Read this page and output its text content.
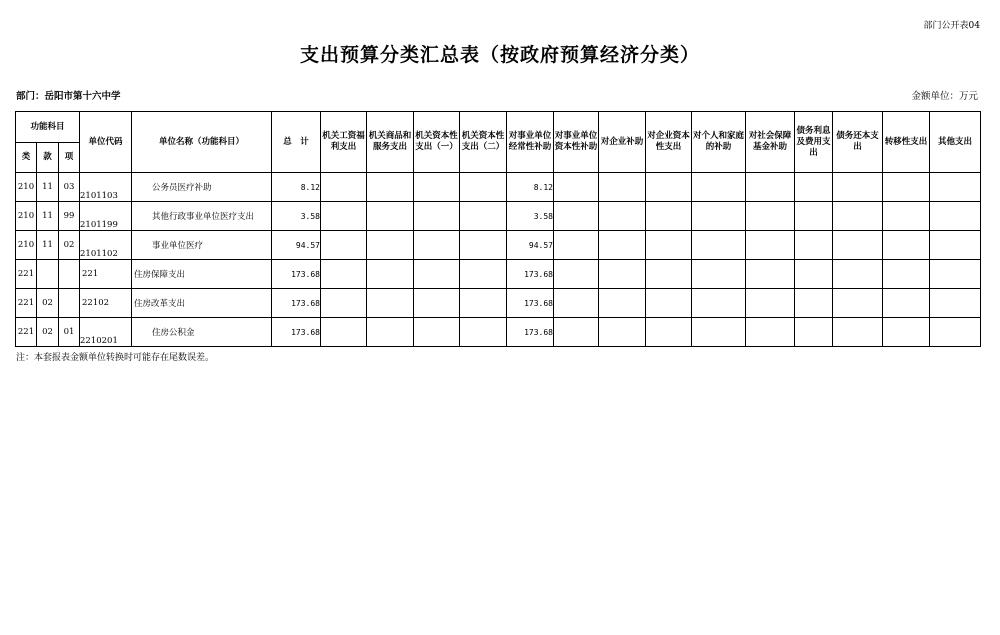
部门公开表04
支出预算分类汇总表（按政府预算经济分类）
部门：岳阳市第十六中学	金额单位：万元
功能科目			单位代码	单位名称（功能科目）	总　计	机关工资福利支出	机关商品和服务支出	机关资本性支出（一）	机关资本性支出（二）	对事业单位经常性补助	对事业单位资本性补助	对企业补助	对企业资本性支出	对个人和家庭的补助	对社会保障基金补助	债务利息及费用支出	债务还本支出	转移性支出	其他支出
类	款	项																	
210	11	03	2101103	公务员医疗补助	8.12					8.12									
210	11	99	2101199	其他行政事业单位医疗支出	3.58					3.58									
210	11	02	2101102	事业单位医疗	94.57					94.57									
221			221	住房保障支出	173.68					173.68									
221	02		22102	住房改革支出	173.68					173.68									
221	02	01	2210201	住房公积金	173.68					173.68									
注：本套报表金额单位转换时可能存在尾数误差。
